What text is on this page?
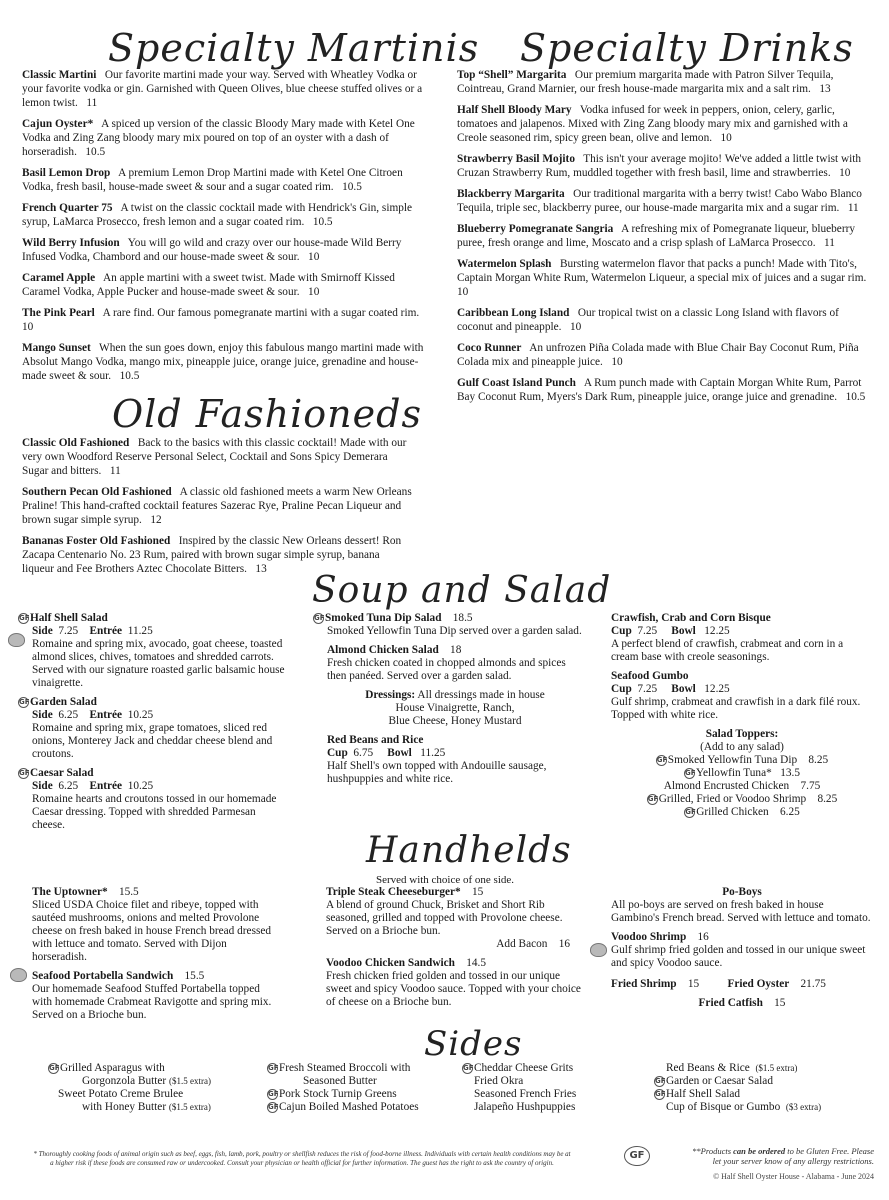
Specialty Martinis Specialty Drinks
Old Fashioneds
Soup and Salad
Handhelds
Served with choice of one side.
Sides
Classic Martini Our favorite martini made your way. Served with Wheatley Vodka or your favorite vodka or gin. Garnished with Queen Olives, blue cheese stuffed olives or a lemon twist. 11
Cajun Oyster* A spiced up version of the classic Bloody Mary made with Ketel One Vodka and Zing Zang bloody mary mix poured on top of an oyster with a dash of horseradish. 10.5
Basil Lemon Drop A premium Lemon Drop Martini made with Ketel One Citroen Vodka, fresh basil, house-made sweet & sour and a sugar coated rim. 10.5
French Quarter 75 A twist on the classic cocktail made with Hendrick's Gin, simple syrup, LaMarca Prosecco, fresh lemon and a sugar coated rim. 10.5
Wild Berry Infusion You will go wild and crazy over our house-made Wild Berry Infused Vodka, Chambord and our house-made sweet & sour. 10
Caramel Apple An apple martini with a sweet twist. Made with Smirnoff Kissed Caramel Vodka, Apple Pucker and house-made sweet & sour. 10
The Pink Pearl A rare find. Our famous pomegranate martini with a sugar coated rim.   10
Mango Sunset When the sun goes down, enjoy this fabulous mango martini made with Absolut Mango Vodka, mango mix, pineapple juice, orange juice, grenadine and house-made sweet & sour. 10.5
Top “Shell” Margarita Our premium margarita made with Patron Silver Tequila, Cointreau, Grand Marnier, our fresh house-made margarita mix and a salt rim. 13
Half Shell Bloody Mary Vodka infused for week in peppers, onion, celery, garlic, tomatoes and jalapenos. Mixed with Zing Zang bloody mary mix and garnished with a Creole seasoned rim, spicy green bean, olive and lemon. 10
Strawberry Basil Mojito This isn't your average mojito! We've added a little twist with Cruzan Strawberry Rum, muddled together with fresh basil, lime and strawberries. 10
Blackberry Margarita Our traditional margarita with a berry twist! Cabo Wabo Blanco Tequila, triple sec, blackberry puree, our house-made margarita mix and a sugar rim. 11
Blueberry Pomegranate Sangria A refreshing mix of Pomegranate liqueur, blueberry puree, fresh orange and lime, Moscato and a crisp splash of LaMarca Prosecco. 11
Watermelon Splash Bursting watermelon flavor that packs a punch! Made with Tito's, Captain Morgan White Rum, Watermelon Liqueur, a special mix of juices and a sugar rim.   10
Caribbean Long Island Our tropical twist on a classic Long Island with flavors of coconut and pineapple. 10
Coco Runner An unfrozen Piña Colada made with Blue Chair Bay Coconut Rum, Piña Colada mix and pineapple juice. 10
Gulf Coast Island Punch A Rum punch made with Captain Morgan White Rum, Parrot Bay Coconut Rum, Myers's Dark Rum, pineapple juice, orange juice and grenadine. 10.5
Classic Old Fashioned Back to the basics with this classic cocktail! Made with our very own Woodford Reserve Personal Select, Cocktail and Sons Spicy Demerara Sugar and bitters. 11
Southern Pecan Old Fashioned A classic old fashioned meets a warm New Orleans Praline! This hand-crafted cocktail features Sazerac Rye, Praline Pecan Liqueur and brown sugar simple syrup. 12
Bananas Foster Old Fashioned Inspired by the classic New Orleans dessert! Ron Zacapa Centenario No. 23 Rum, paired with brown sugar simple syrup, banana liqueur and Fee Brothers Aztec Chocolate Bitters. 13
GFHalf Shell Salad
Side 7.25 Entrée 11.25
Romaine and spring mix, avocado, goat cheese, toasted almond slices, chives, tomatoes and shredded carrots. Served with our signature roasted garlic balsamic house vinaigrette.
GFGarden Salad
Side 6.25 Entrée 10.25
Romaine and spring mix, grape tomatoes, sliced red onions, Monterey Jack and cheddar cheese blend and croutons.
GFCaesar Salad
Side 6.25 Entrée 10.25
Romaine hearts and croutons tossed in our homemade Caesar dressing. Topped with shredded Parmesan cheese.
GFSmoked Tuna Dip Salad 18.5
Smoked Yellowfin Tuna Dip served over a garden salad.
Almond Chicken Salad 18
Fresh chicken coated in chopped almonds and spices then panéed. Served over a garden salad.
Dressings: All dressings made in house
House Vinaigrette, Ranch,
Blue Cheese, Honey Mustard
Red Beans and Rice
Cup 6.75 Bowl 11.25
Half Shell's own topped with Andouille sausage, hushpuppies and white rice.
Crawfish, Crab and Corn Bisque
Cup 7.25 Bowl 12.25
A perfect blend of crawfish, crabmeat and corn in a cream base with creole seasonings.
Seafood Gumbo
Cup 7.25 Bowl 12.25
Gulf shrimp, crabmeat and crawfish in a dark filé roux. Topped with white rice.
Salad Toppers:
(Add to any salad)
GFSmoked Yellowfin Tuna Dip 8.25
GFYellowfin Tuna* 13.5
Almond Encrusted Chicken 7.75
GFGrilled, Fried or Voodoo Shrimp 8.25
GFGrilled Chicken 6.25
The Uptowner* 15.5
Sliced USDA Choice filet and ribeye, topped with sautéed mushrooms, onions and melted Provolone cheese on fresh baked in house French bread dressed with lettuce and tomato. Served with Dijon horseradish.
Seafood Portabella Sandwich 15.5
Our homemade Seafood Stuffed Portabella topped with homemade Crabmeat Ravigotte and spring mix. Served on a Brioche bun.
Triple Steak Cheeseburger* 15
A blend of ground Chuck, Brisket and Short Rib seasoned, grilled and topped with Provolone cheese. Served on a Brioche bun.
Add Bacon 16
Voodoo Chicken Sandwich 14.5
Fresh chicken fried golden and tossed in our unique sweet and spicy Voodoo sauce. Topped with your choice of cheese on a Brioche bun.
Po-Boys
All po-boys are served on fresh baked in house Gambino's French bread. Served with lettuce and tomato.
Voodoo Shrimp 16
Gulf shrimp fried golden and tossed in our unique sweet and spicy Voodoo sauce.
Fried Shrimp 15	Fried Oyster 21.75
Fried Catfish 15
GFGrilled Asparagus with
Gorgonzola Butter ($1.5 extra)
Sweet Potato Creme Brulee
with Honey Butter ($1.5 extra)
GFFresh Steamed Broccoli with
Seasoned Butter
GFPork Stock Turnip Greens
GFCajun Boiled Mashed Potatoes
GFCheddar Cheese Grits
Fried Okra
Seasoned French Fries
Jalapeño Hushpuppies
Red Beans & Rice ($1.5 extra)
GFGarden or Caesar Salad
GFHalf Shell Salad
Cup of Bisque or Gumbo ($3 extra)
* Thoroughly cooking foods of animal origin such as beef, eggs, fish, lamb, pork, poultry or shellfish reduces the risk of food-borne illness. Individuals with certain health conditions may be at a higher risk if these foods are consumed raw or undercooked. Consult your physician or health official for further information. The guest has the right to ask the country of origin.
GF	**Products can be ordered to be Gluten Free. Please
let your server know of any allergy restrictions.
© Half Shell Oyster House - Alabama - June 2024
